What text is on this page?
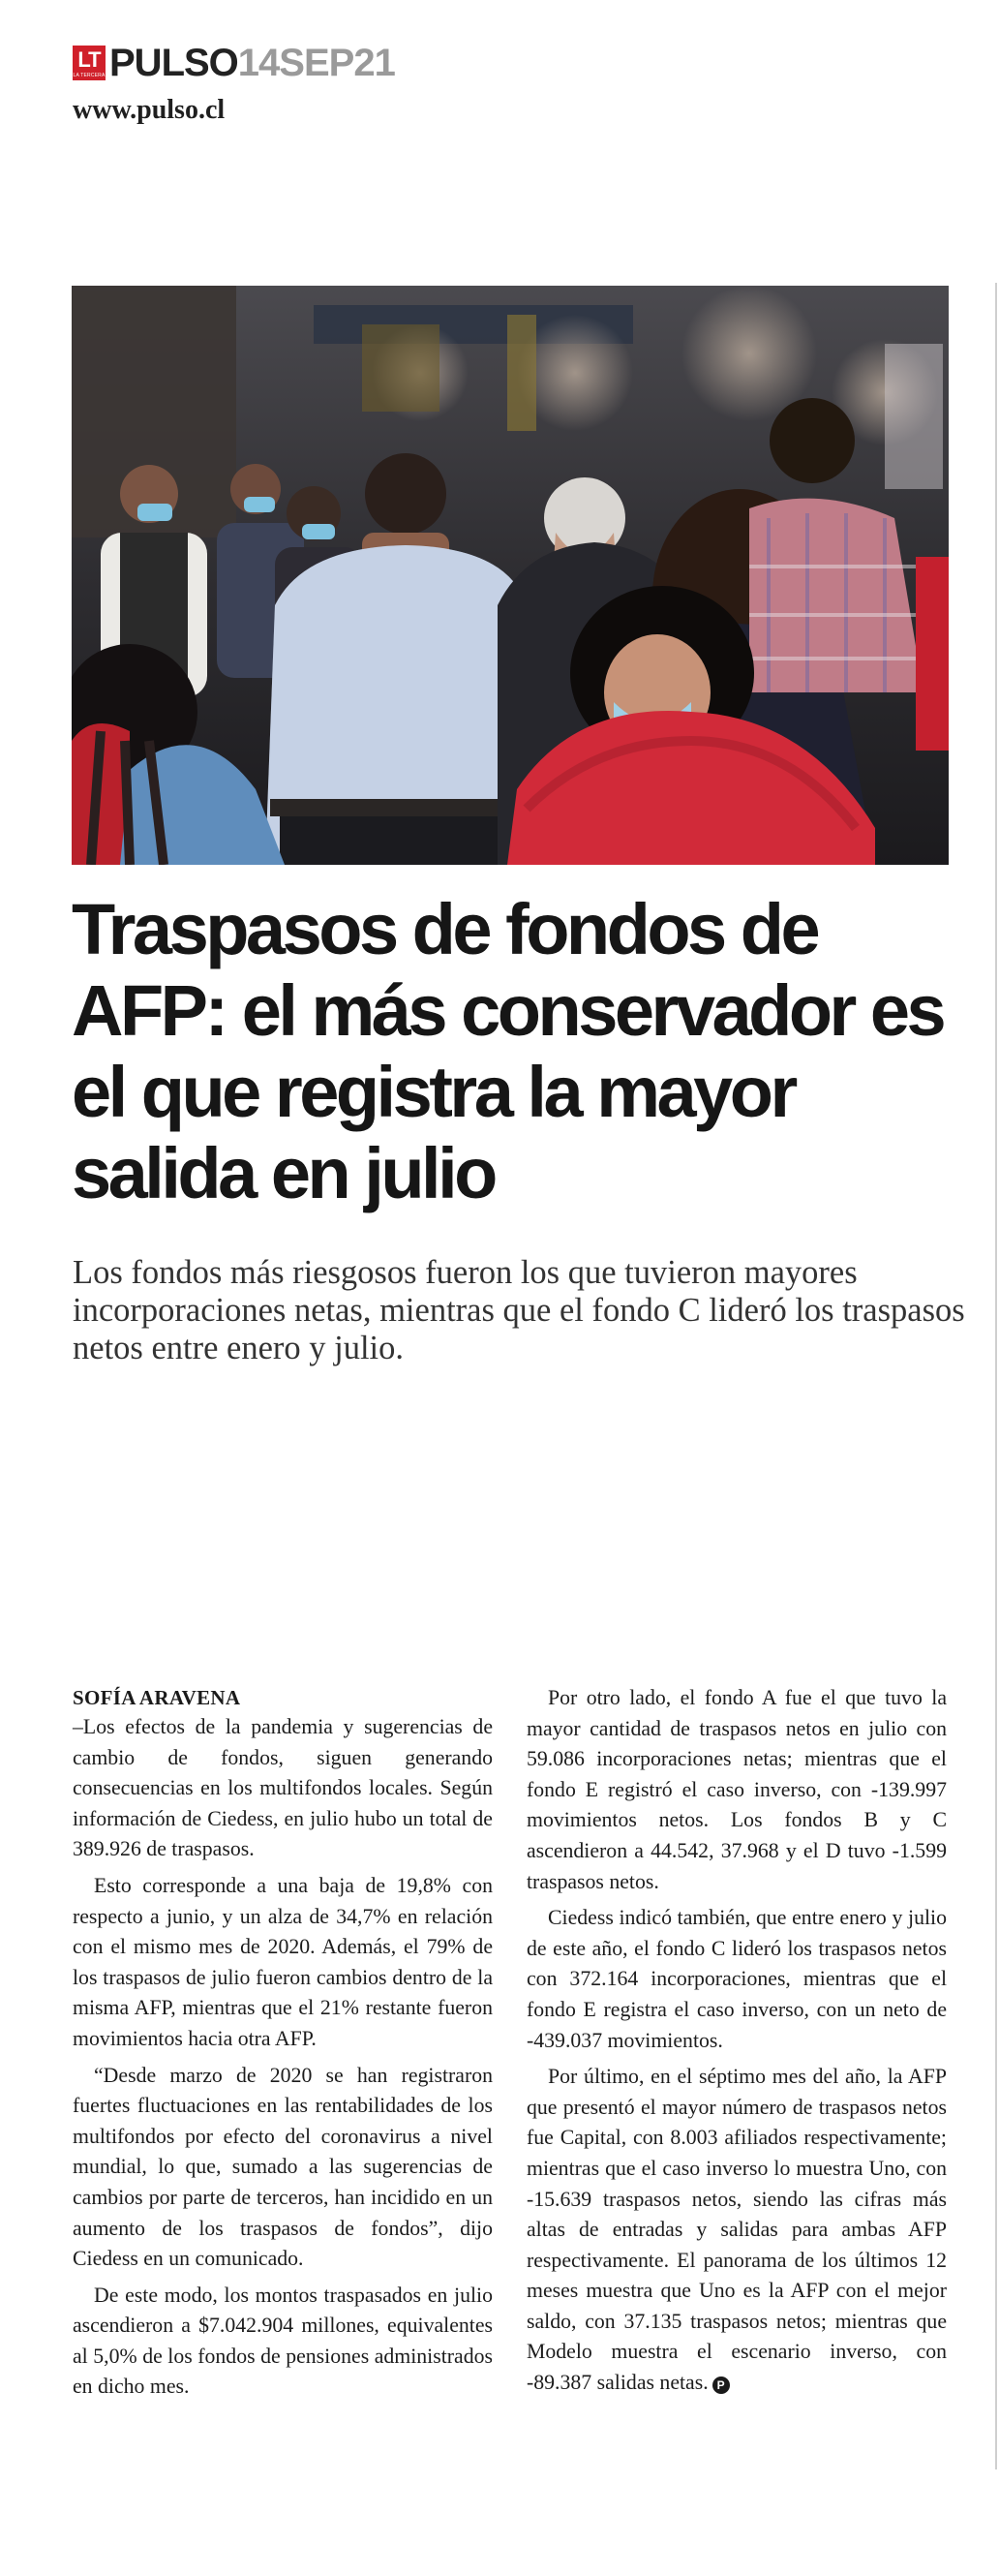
LT
LA TERCERA PULSO 14SEP21
www.pulso.cl
Traspasos de fondos de AFP: el más conservador es el que registra la mayor salida en julio

Los fondos más riesgosos fueron los que tuvieron mayores incorporaciones netas, mientras que el fondo C lideró los traspasos netos entre enero y julio.

SOFÍA ARAVENA

–Los efectos de la pandemia y sugerencias de cambio de fondos, siguen generando consecuencias en los multifondos locales. Según información de Ciedess, en julio hubo un total de 389.926 de traspasos.

Esto corresponde a una baja de 19,8% con respecto a junio, y un alza de 34,7% en relación con el mismo mes de 2020. Además, el 79% de los traspasos de julio fueron cambios dentro de la misma AFP, mientras que el 21% restante fueron movimientos hacia otra AFP.

“Desde marzo de 2020 se han registraron fuertes fluctuaciones en las rentabilidades de los multifondos por efecto del coronavirus a nivel mundial, lo que, sumado a las sugerencias de cambios por parte de terceros, han incidido en un aumento de los traspasos de fondos”, dijo Ciedess en un comunicado.

De este modo, los montos traspasados en julio ascendieron a $7.042.904 millones, equivalentes al 5,0% de los fondos de pensiones administrados en dicho mes.

Por otro lado, el fondo A fue el que tuvo la mayor cantidad de traspasos netos en julio con 59.086 incorporaciones netas; mientras que el fondo E registró el caso inverso, con -139.997 movimientos netos. Los fondos B y C ascendieron a 44.542, 37.968 y el D tuvo -1.599 traspasos netos.

Ciedess indicó también, que entre enero y julio de este año, el fondo C lideró los traspasos netos con 372.164 incorporaciones, mientras que el fondo E registra el caso inverso, con un neto de -439.037 movimientos.

Por último, en el séptimo mes del año, la AFP que presentó el mayor número de traspasos netos fue Capital, con 8.003 afiliados respectivamente; mientras que el caso inverso lo muestra Uno, con -15.639 traspasos netos, siendo las cifras más altas de entradas y salidas para ambas AFP respectivamente. El panorama de los últimos 12 meses muestra que Uno es la AFP con el mejor saldo, con 37.135 traspasos netos; mientras que Modelo muestra el escenario inverso, con -89.387 salidas netas. P
